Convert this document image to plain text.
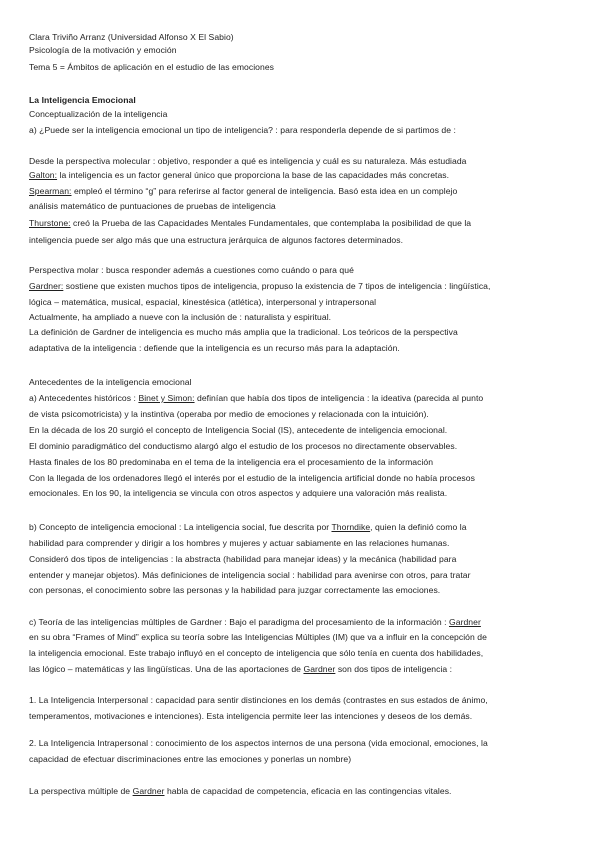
Clara Triviño Arranz (Universidad Alfonso X El Sabio)
Psicología de la motivación y emoción
Tema 5 = Ámbitos de aplicación en el estudio de las emociones
La Inteligencia Emocional
Conceptualización de la inteligencia
a) ¿Puede ser la inteligencia emocional un tipo de inteligencia? : para responderla depende de si partimos de :
Desde la perspectiva molecular : objetivo, responder a qué es inteligencia y cuál es su naturaleza. Más estudiada
Galton: la inteligencia es un factor general único que proporciona la base de las capacidades más concretas.
Spearman: empleó el término “g” para referirse al factor general de inteligencia. Basó esta idea en un complejo
análisis matemático de puntuaciones de pruebas de inteligencia
Thurstone: creó la Prueba de las Capacidades Mentales Fundamentales, que contemplaba la posibilidad de que la
inteligencia puede ser algo más que una estructura jerárquica de algunos factores determinados.
Perspectiva molar : busca responder además a cuestiones como cuándo o para qué
Gardner: sostiene que existen muchos tipos de inteligencia, propuso la existencia de 7 tipos de inteligencia : lingüística,
lógica – matemática, musical, espacial, kinestésica (atlética), interpersonal y intrapersonal
Actualmente, ha ampliado a nueve con la inclusión de : naturalista y espiritual.
La definición de Gardner de inteligencia es mucho más amplia que la tradicional. Los teóricos de la perspectiva
adaptativa de la inteligencia : defiende que la inteligencia es un recurso más para la adaptación.
Antecedentes de la inteligencia emocional
a) Antecedentes históricos : Binet y Simon: definían que había dos tipos de inteligencia : la ideativa (parecida al punto
de vista psicomotricista) y la instintiva (operaba por medio de emociones y relacionada con la intuición).
En la década de los 20 surgió el concepto de Inteligencia Social (IS), antecedente de inteligencia emocional.
El dominio paradigmático del conductismo alargó algo el estudio de los procesos no directamente observables.
Hasta finales de los 80 predominaba en el tema de la inteligencia era el procesamiento de la información
Con la llegada de los ordenadores llegó el interés por el estudio de la inteligencia artificial donde no había procesos
emocionales. En los 90, la inteligencia se vincula con otros aspectos y adquiere una valoración más realista.
b) Concepto de inteligencia emocional : La inteligencia social, fue descrita por Thorndike, quien la definió como la
habilidad para comprender y dirigir a los hombres y mujeres y actuar sabiamente en las relaciones humanas.
Consideró dos tipos de inteligencias : la abstracta (habilidad para manejar ideas) y la mecánica (habilidad para
entender y manejar objetos). Más definiciones de inteligencia social : habilidad para avenirse con otros, para tratar
con personas, el conocimiento sobre las personas y la habilidad para juzgar correctamente las emociones.
c) Teoría de las inteligencias múltiples de Gardner : Bajo el paradigma del procesamiento de la información : Gardner
en su obra “Frames of Mind” explica su teoría sobre las Inteligencias Múltiples (IM) que va a influir en la concepción de
la inteligencia emocional. Este trabajo influyó en el concepto de inteligencia que sólo tenía en cuenta dos habilidades,
las lógico – matemáticas y las lingüísticas. Una de las aportaciones de Gardner son dos tipos de inteligencia :
1. La Inteligencia Interpersonal : capacidad para sentir distinciones en los demás (contrastes en sus estados de ánimo,
temperamentos, motivaciones e intenciones). Esta inteligencia permite leer las intenciones y deseos de los demás.
2. La Inteligencia Intrapersonal : conocimiento de los aspectos internos de una persona (vida emocional, emociones, la
capacidad de efectuar discriminaciones entre las emociones y ponerlas un nombre)
La perspectiva múltiple de Gardner habla de capacidad de competencia, eficacia en las contingencias vitales.
